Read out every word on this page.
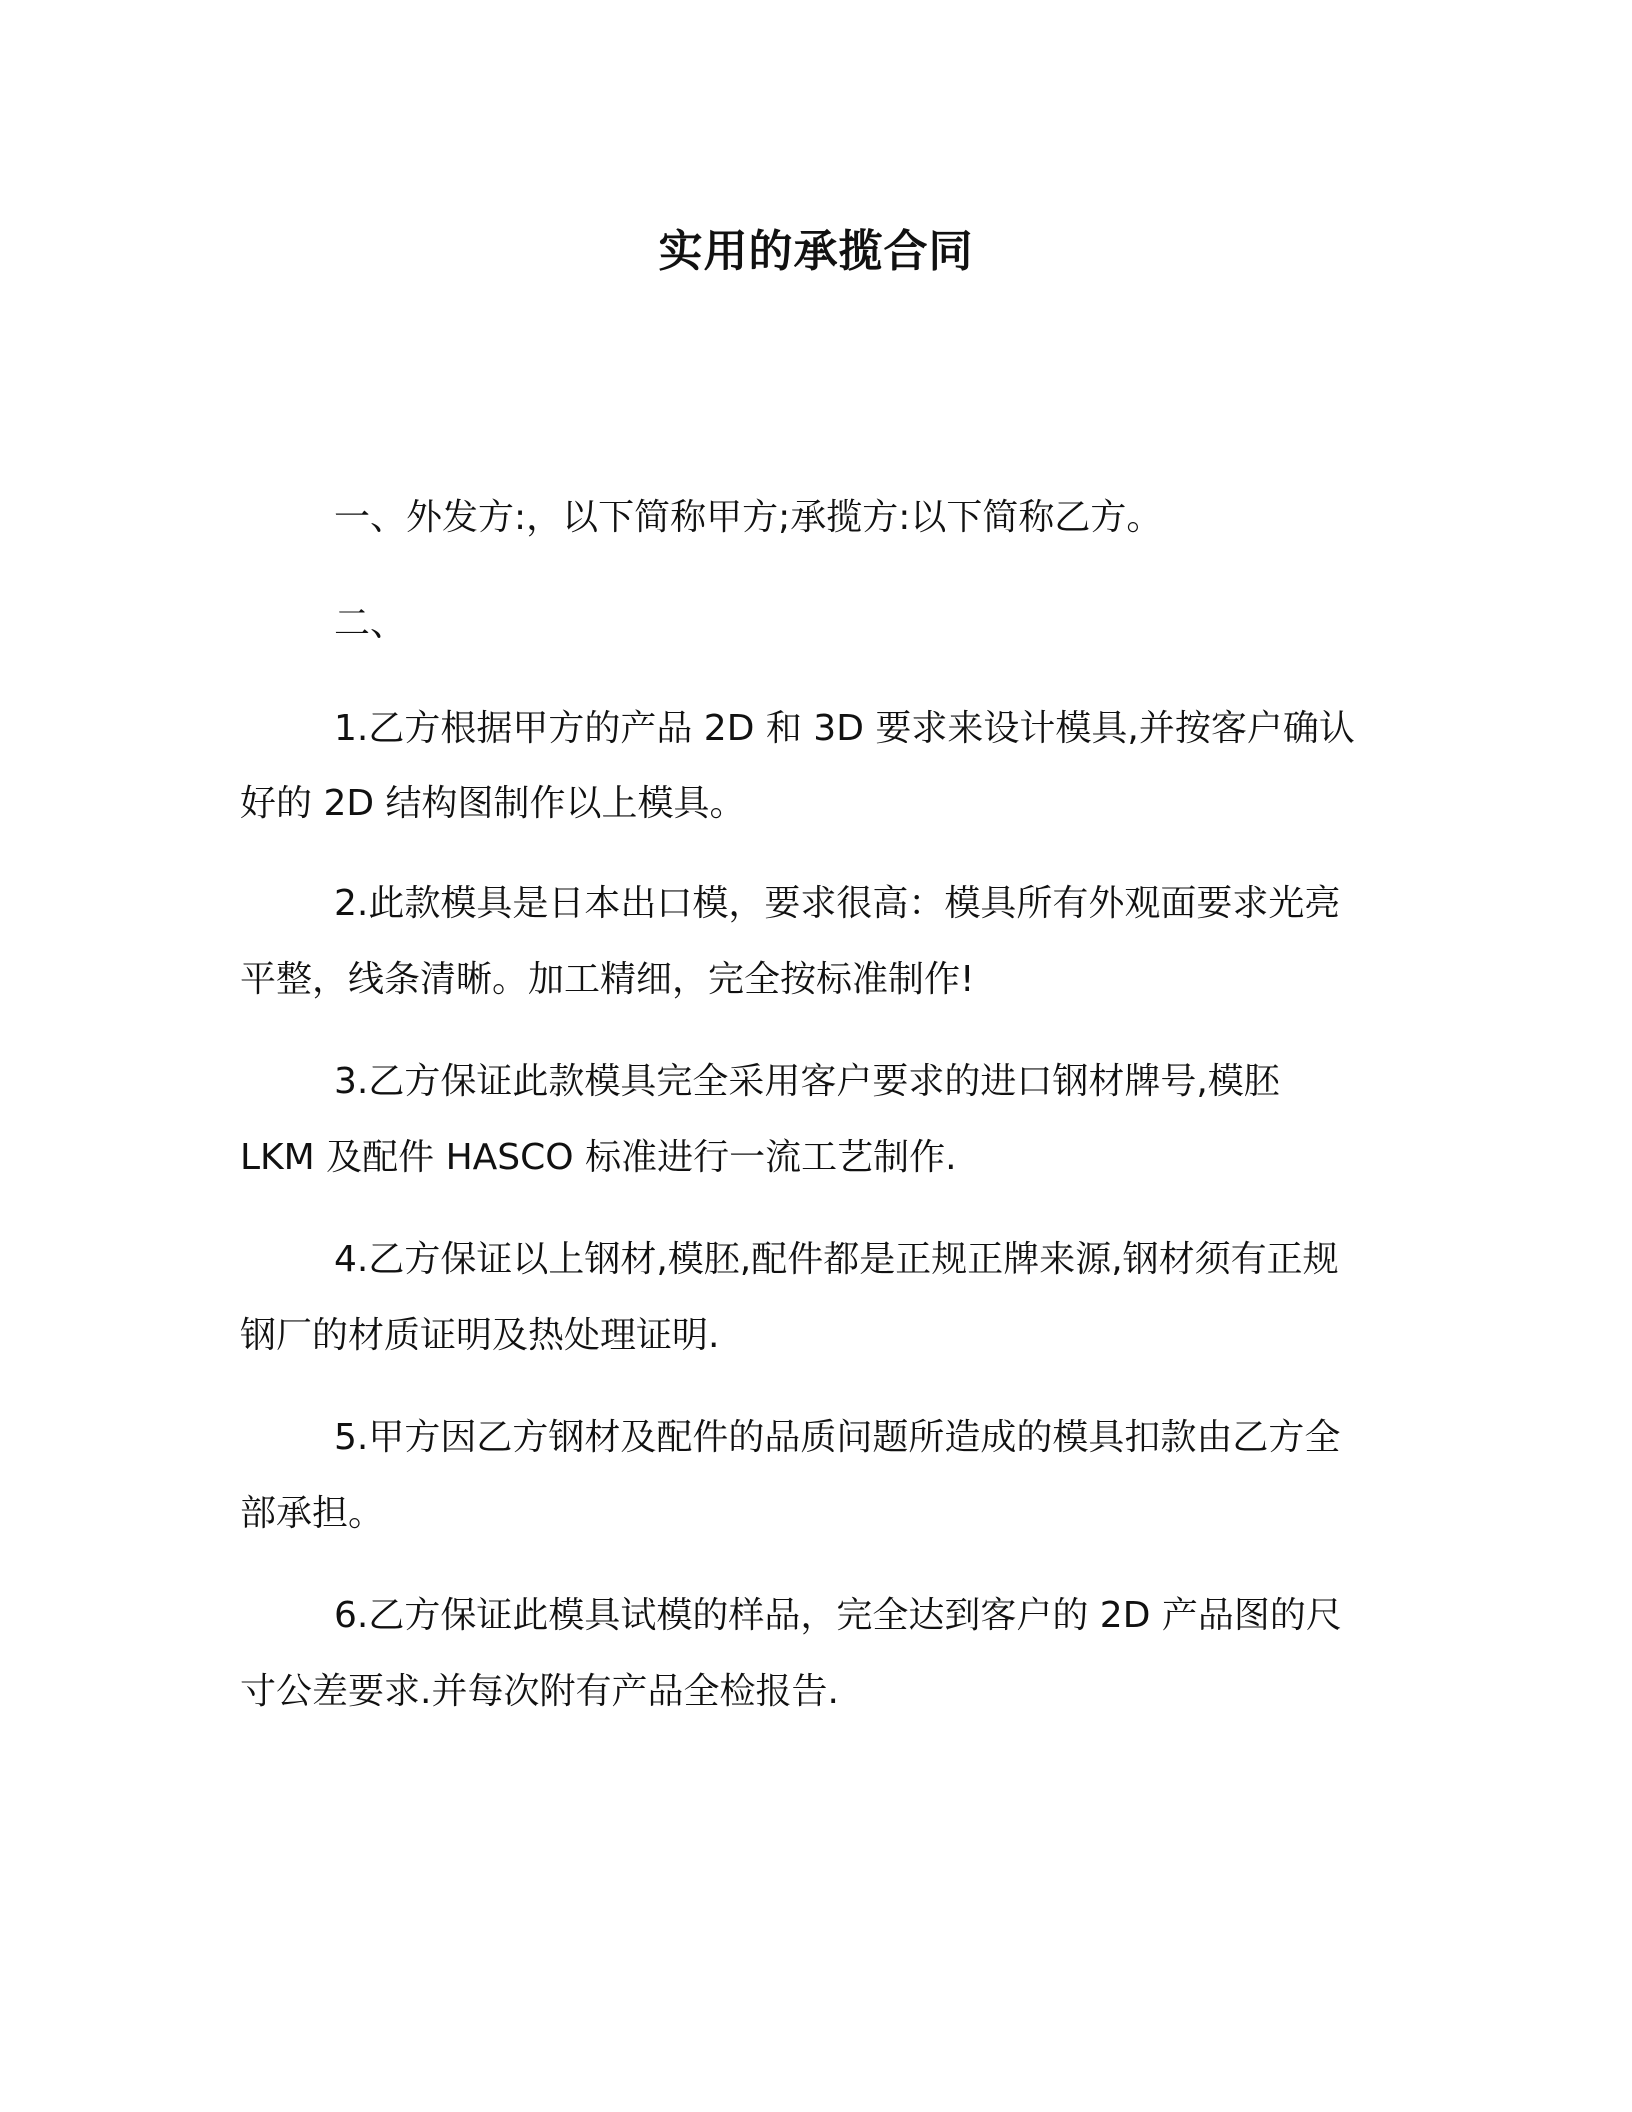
实用的承揽合同
一、外发方:，以下简称甲方;承揽方:以下简称乙方。
二、
1.乙方根据甲方的产品 2D 和 3D 要求来设计模具,并按客户确认
好的 2D 结构图制作以上模具。
2.此款模具是日本出口模，要求很高：模具所有外观面要求光亮
平整，线条清晰。加工精细，完全按标准制作!
3.乙方保证此款模具完全采用客户要求的进口钢材牌号,模胚
LKM 及配件 HASCO 标准进行一流工艺制作.
4.乙方保证以上钢材,模胚,配件都是正规正牌来源,钢材须有正规
钢厂的材质证明及热处理证明.
5.甲方因乙方钢材及配件的品质问题所造成的模具扣款由乙方全
部承担。
6.乙方保证此模具试模的样品，完全达到客户的 2D 产品图的尺
寸公差要求.并每次附有产品全检报告.
